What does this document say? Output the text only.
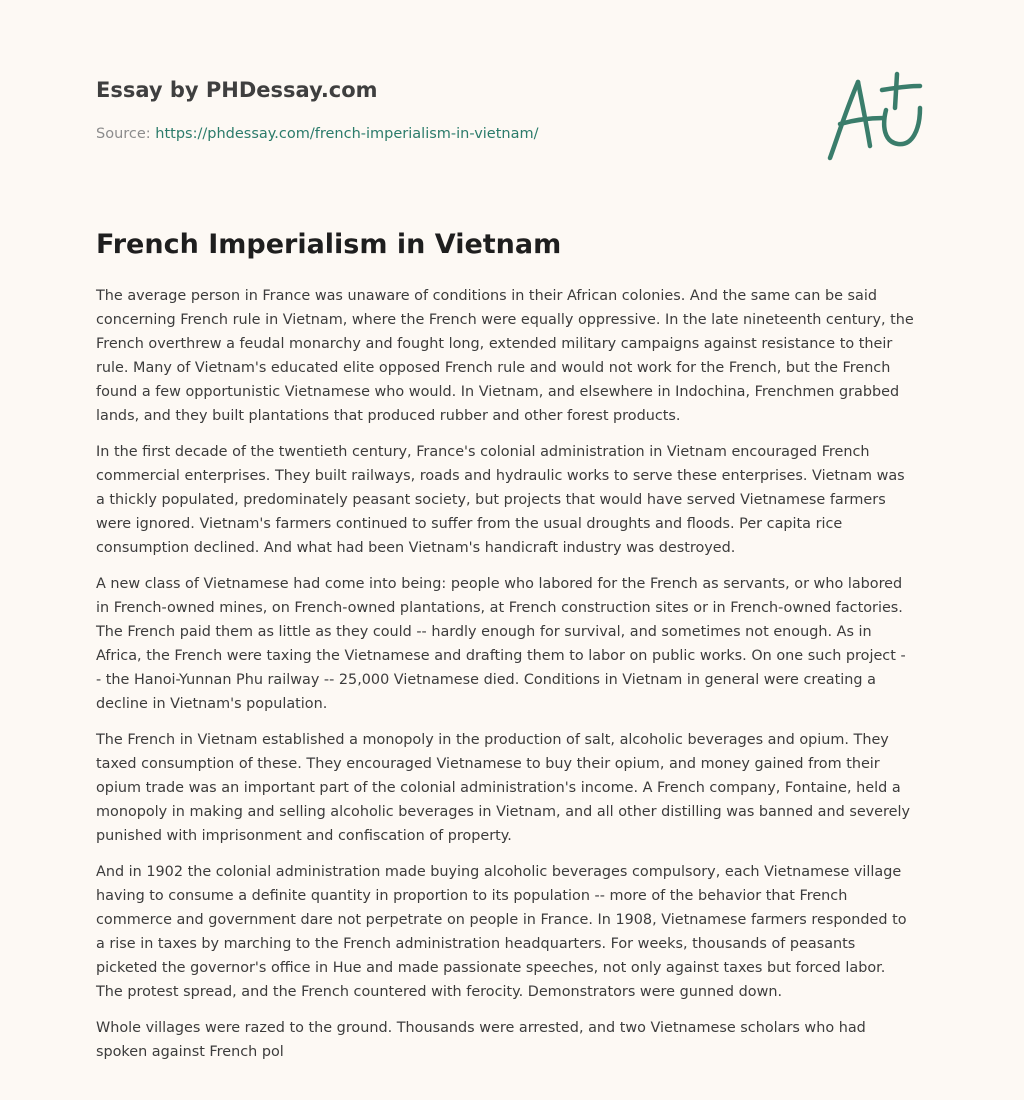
Essay by PHDessay.com
Source: https://phdessay.com/french-imperialism-in-vietnam/
French Imperialism in Vietnam

The average person in France was unaware of conditions in their African colonies. And the same can be said
concerning French rule in Vietnam, where the French were equally oppressive. In the late nineteenth century, the
French overthrew a feudal monarchy and fought long, extended military campaigns against resistance to their
rule. Many of Vietnam's educated elite opposed French rule and would not work for the French, but the French
found a few opportunistic Vietnamese who would. In Vietnam, and elsewhere in Indochina, Frenchmen grabbed
lands, and they built plantations that produced rubber and other forest products.

In the first decade of the twentieth century, France's colonial administration in Vietnam encouraged French
commercial enterprises. They built railways, roads and hydraulic works to serve these enterprises. Vietnam was
a thickly populated, predominately peasant society, but projects that would have served Vietnamese farmers
were ignored. Vietnam's farmers continued to suffer from the usual droughts and floods. Per capita rice
consumption declined. And what had been Vietnam's handicraft industry was destroyed.

A new class of Vietnamese had come into being: people who labored for the French as servants, or who labored
in French-owned mines, on French-owned plantations, at French construction sites or in French-owned factories.
The French paid them as little as they could -- hardly enough for survival, and sometimes not enough. As in
Africa, the French were taxing the Vietnamese and drafting them to labor on public works. On one such project -
- the Hanoi-Yunnan Phu railway -- 25,000 Vietnamese died. Conditions in Vietnam in general were creating a
decline in Vietnam's population.

The French in Vietnam established a monopoly in the production of salt, alcoholic beverages and opium. They
taxed consumption of these. They encouraged Vietnamese to buy their opium, and money gained from their
opium trade was an important part of the colonial administration's income. A French company, Fontaine, held a
monopoly in making and selling alcoholic beverages in Vietnam, and all other distilling was banned and severely
punished with imprisonment and confiscation of property.

And in 1902 the colonial administration made buying alcoholic beverages compulsory, each Vietnamese village
having to consume a definite quantity in proportion to its population -- more of the behavior that French
commerce and government dare not perpetrate on people in France. In 1908, Vietnamese farmers responded to
a rise in taxes by marching to the French administration headquarters. For weeks, thousands of peasants
picketed the governor's office in Hue and made passionate speeches, not only against taxes but forced labor.
The protest spread, and the French countered with ferocity. Demonstrators were gunned down.

Whole villages were razed to the ground. Thousands were arrested, and two Vietnamese scholars who had
spoken against French pol
